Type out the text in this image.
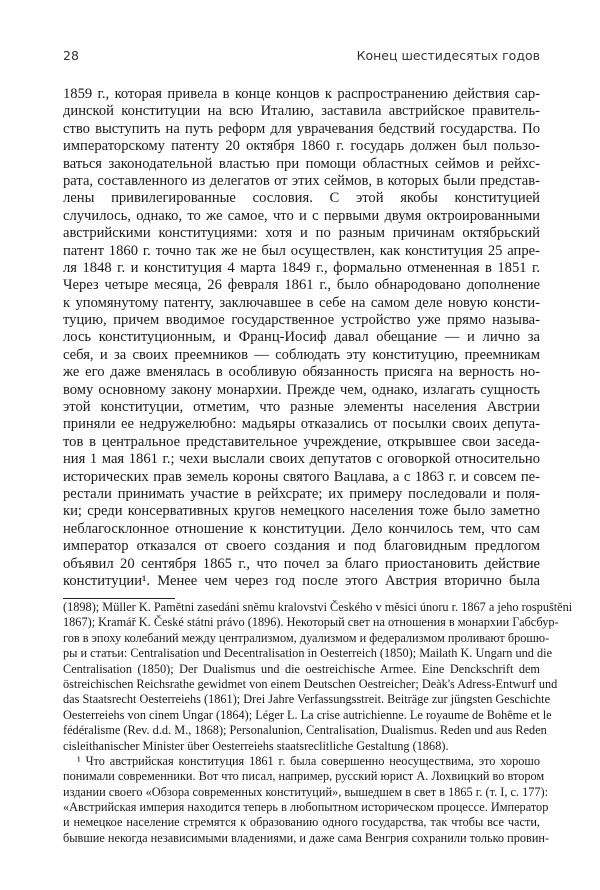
28	Конец шестидесятых годов
1859 г., которая привела в конце концов к распространению действия сар-
динской конституции на всю Италию, заставила австрийское правитель-
ство выступить на путь реформ для уврачевания бедствий государства. По
императорскому патенту 20 октября 1860 г. государь должен был пользо-
ваться законодательной властью при помощи областных сеймов и рейхс-
рата, составленного из делегатов от этих сеймов, в которых были представ-
лены привилегированные сословия. С этой якобы конституцией
случилось, однако, то же самое, что и с первыми двумя октроированными
австрийскими конституциями: хотя и по разным причинам октябрьский
патент 1860 г. точно так же не был осуществлен, как конституция 25 апре-
ля 1848 г. и конституция 4 марта 1849 г., формально отмененная в 1851 г.
Через четыре месяца, 26 февраля 1861 г., было обнародовано дополнение
к упомянутому патенту, заключавшее в себе на самом деле новую консти-
туцию, причем вводимое государственное устройство уже прямо называ-
лось конституционным, и Франц-Иосиф давал обещание — и лично за
себя, и за своих преемников — соблюдать эту конституцию, преемникам
же его даже вменялась в особливую обязанность присяга на верность но-
вому основному закону монархии. Прежде чем, однако, излагать сущность
этой конституции, отметим, что разные элементы населения Австрии
приняли ее недружелюбно: мадьяры отказались от посылки своих депута-
тов в центральное представительное учреждение, открывшее свои заседа-
ния 1 мая 1861 г.; чехи выслали своих депутатов с оговоркой относительно
исторических прав земель короны святого Вацлава, а с 1863 г. и совсем пе-
рестали принимать участие в рейхсрате; их примеру последовали и поля-
ки; среди консервативных кругов немецкого населения тоже было заметно
неблагосклонное отношение к конституции. Дело кончилось тем, что сам
император отказался от своего создания и под благовидным предлогом
объявил 20 сентября 1865 г., что почел за благо приостановить действие
конституции¹. Менее чем через год после этого Австрия вторично была
(1898); Müller K. Pamětni zasedáni sněmu kralovstvi Českého v měsici únoru r. 1867 a jeho rospuštěni
1867); Kramář K. České státni právo (1896). Некоторый свет на отношения в монархии Габсбур-
гов в эпоху колебаний между централизмом, дуализмом и федерализмом проливают брошю-
ры и статьи: Centralisation und Decentralisation in Oesterreich (1850); Mailath K. Ungarn und die
Centralisation (1850); Der Dualismus und die oestreichische Armee. Eine Denckschrift dem
östreichischen Reichsrathe gewidmet von einem Deutschen Oestreicher; Deàk's Adress-Entwurf und
das Staatsrecht Oesterreiehs (1861); Drei Jahre Verfassungsstreit. Beiträge zur jüngsten Geschichte
Oesterreiehs von cinem Ungar (1864); Léger L. La crise autrichienne. Le royaume de Bohême et le
fédéralisme (Rev. d.d. M., 1868); Personalunion, Centralisation, Dualismus. Reden und aus Reden
cisleithanischer Minister über Oesterreiehs staatsreclitliche Gestaltung (1868).
¹ Что австрийская конституция 1861 г. была совершенно неосуществима, это хорошо
понимали современники. Вот что писал, например, русский юрист А. Лохвицкий во втором
издании своего «Обзора современных конституций», вышедшем в свет в 1865 г. (т. I, с. 177):
«Австрийская империя находится теперь в любопытном историческом процессе. Император
и немецкое население стремятся к образованию одного государства, так чтобы все части,
бывшие некогда независимыми владениями, и даже сама Венгрия сохранили только провин-
